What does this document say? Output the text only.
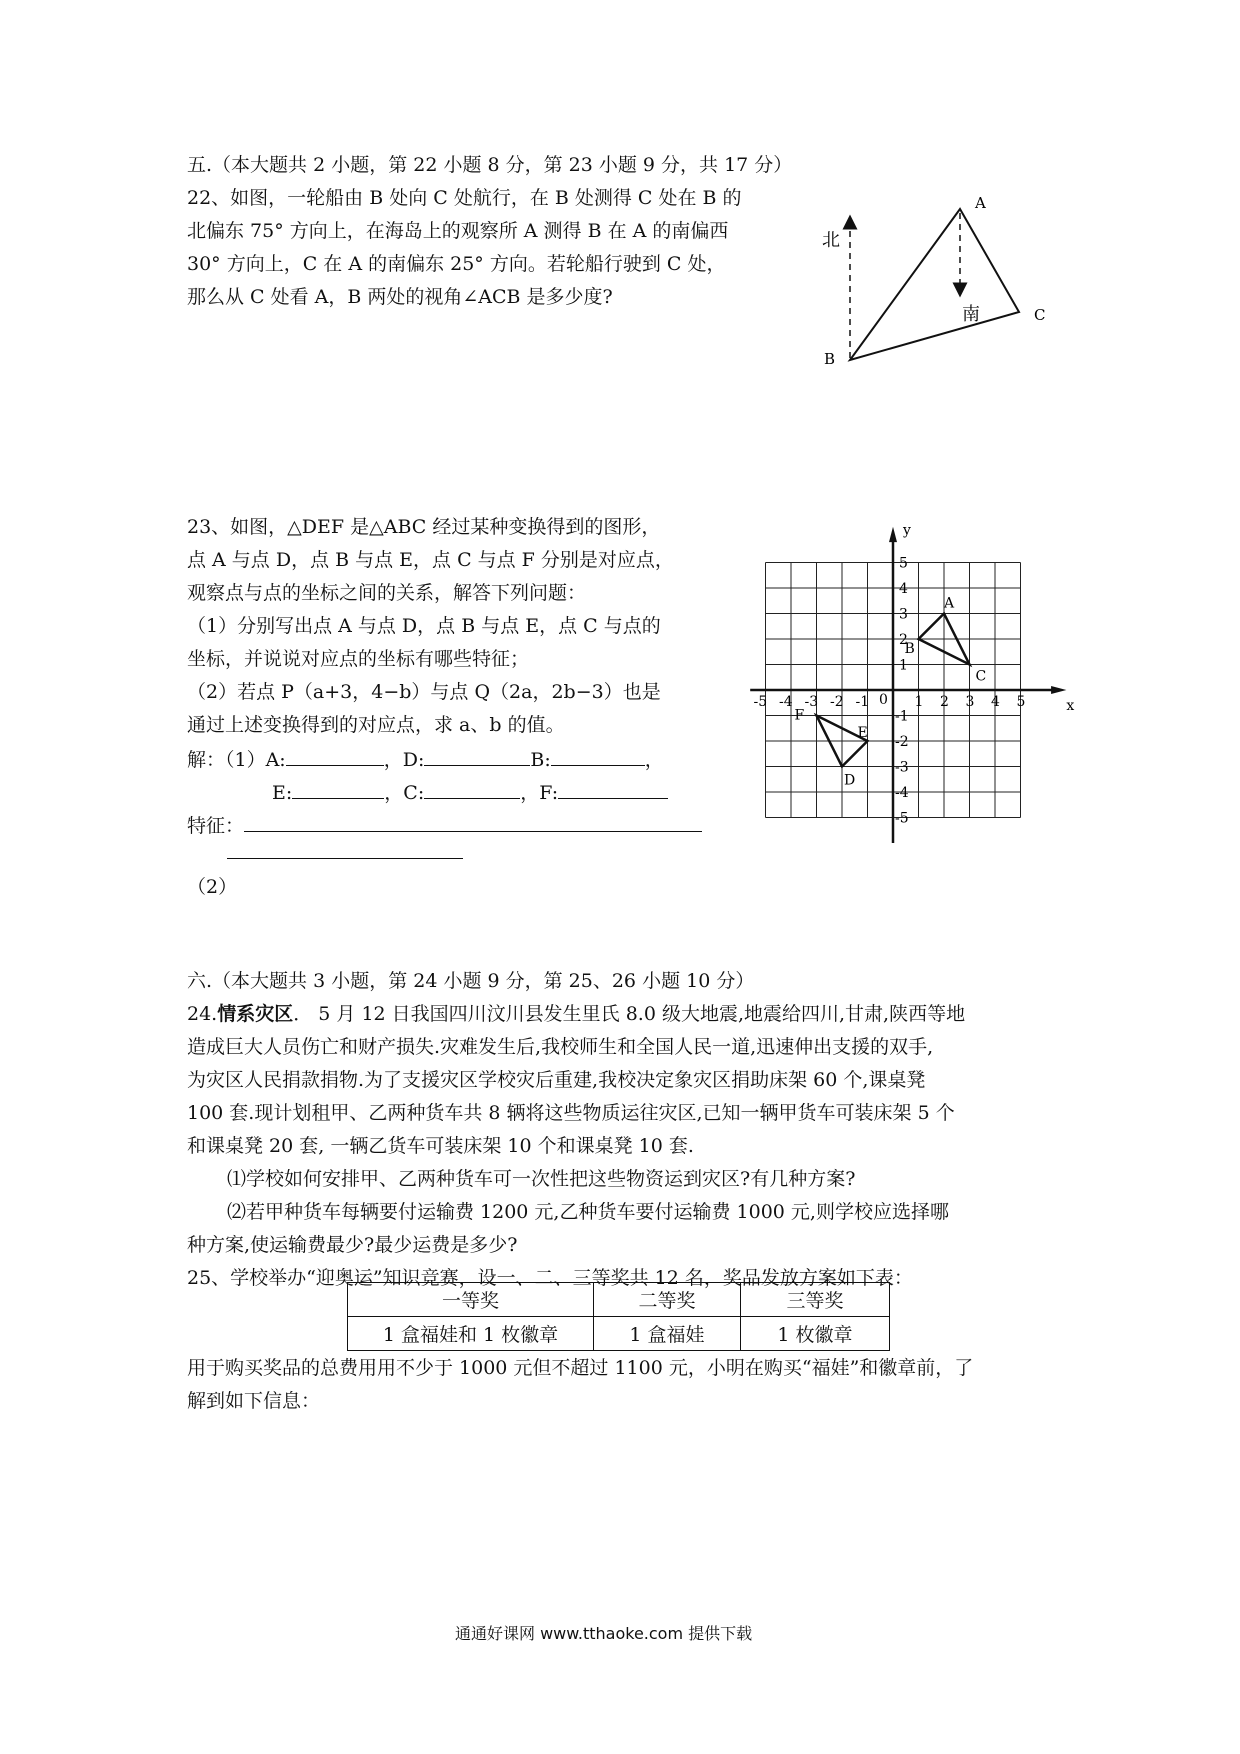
五.（本大题共 2 小题，第 22 小题 8 分，第 23 小题 9 分，共 17 分）
22、如图，一轮船由 B 处向 C 处航行，在 B 处测得 C 处在 B 的
北偏东 75° 方向上，在海岛上的观察所 A 测得 B 在 A 的南偏西
30° 方向上，C 在 A 的南偏东 25° 方向。若轮船行驶到 C 处，
那么从 C 处看 A，B 两处的视角∠ACB 是多少度?
北
南
A
B
C
23、如图，△DEF 是△ABC 经过某种变换得到的图形，
点 A 与点 D，点 B 与点 E，点 C 与点 F 分别是对应点，
观察点与点的坐标之间的关系，解答下列问题：
（1）分别写出点 A 与点 D，点 B 与点 E，点 C 与点的
坐标，并说说对应点的坐标有哪些特征；
（2）若点 P（a+3，4−b）与点 Q（2a，2b−3）也是
通过上述变换得到的对应点，求 a、b 的值。
解：（1）A:	，D:	B:	，
E:	，C:	，F:
特征：
（2）
x
y
0
-5 -4 -3 -2 -1	1 2 3 4 5
5
4
3
2
1
-1
-2
-3
-4
-5
A
B
C
D
E
F
六.（本大题共 3 小题，第 24 小题 9 分，第 25、26 小题 10 分）
24.情系灾区． 5 月 12 日我国四川汶川县发生里氏 8.0 级大地震,地震给四川,甘肃,陕西等地
造成巨大人员伤亡和财产损失.灾难发生后,我校师生和全国人民一道,迅速伸出支援的双手,
为灾区人民捐款捐物.为了支援灾区学校灾后重建,我校决定象灾区捐助床架 60 个,课桌凳
100 套.现计划租甲、乙两种货车共 8 辆将这些物质运往灾区,已知一辆甲货车可装床架 5 个
和课桌凳 20 套, 一辆乙货车可装床架 10 个和课桌凳 10 套.
⑴学校如何安排甲、乙两种货车可一次性把这些物资运到灾区?有几种方案?
⑵若甲种货车每辆要付运输费 1200 元,乙种货车要付运输费 1000 元,则学校应选择哪
种方案,使运输费最少?最少运费是多少?
25、学校举办“迎奥运”知识竞赛，设一、二、三等奖共 12 名，奖品发放方案如下表：
一等奖	二等奖	三等奖
1 盒福娃和 1 枚徽章	1 盒福娃	1 枚徽章
用于购买奖品的总费用用不少于 1000 元但不超过 1100 元，小明在购买“福娃”和徽章前，了
解到如下信息：
通通好课网 www.tthaoke.com 提供下载
